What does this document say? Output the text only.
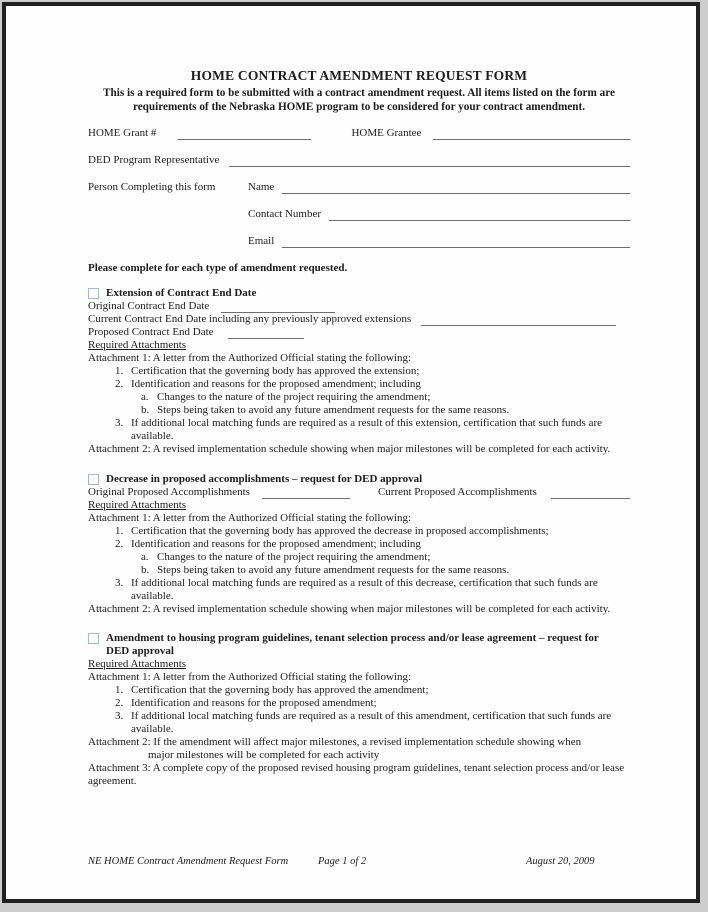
HOME CONTRACT AMENDMENT REQUEST FORM
This is a required form to be submitted with a contract amendment request. All items listed on the form are
requirements of the Nebraska HOME program to be considered for your contract amendment.
HOME Grant #	HOME Grantee
DED Program Representative
Person Completing this form	Name
Contact Number
Email
Please complete for each type of amendment requested.
Extension of Contract End Date
Original Contract End Date
Current Contract End Date including any previously approved extensions
Proposed Contract End Date
Required Attachments
Attachment 1: A letter from the Authorized Official stating the following:
1. Certification that the governing body has approved the extension;
2. Identification and reasons for the proposed amendment; including
a. Changes to the nature of the project requiring the amendment;
b. Steps being taken to avoid any future amendment requests for the same reasons.
3. If additional local matching funds are required as a result of this extension, certification that such funds are available.
Attachment 2: A revised implementation schedule showing when major milestones will be completed for each activity.
Decrease in proposed accomplishments – request for DED approval
Original Proposed Accomplishments	Current Proposed Accomplishments
Required Attachments
Attachment 1: A letter from the Authorized Official stating the following:
1. Certification that the governing body has approved the decrease in proposed accomplishments;
2. Identification and reasons for the proposed amendment; including
a. Changes to the nature of the project requiring the amendment;
b. Steps being taken to avoid any future amendment requests for the same reasons.
3. If additional local matching funds are required as a result of this decrease, certification that such funds are available.
Attachment 2: A revised implementation schedule showing when major milestones will be completed for each activity.
Amendment to housing program guidelines, tenant selection process and/or lease agreement – request for
DED approval
Required Attachments
Attachment 1: A letter from the Authorized Official stating the following:
1. Certification that the governing body has approved the amendment;
2. Identification and reasons for the proposed amendment;
3. If additional local matching funds are required as a result of this amendment, certification that such funds are available.
Attachment 2: If the amendment will affect major milestones, a revised implementation schedule showing when
major milestones will be completed for each activity
Attachment 3: A complete copy of the proposed revised housing program guidelines, tenant selection process and/or lease agreement.
NE HOME Contract Amendment Request Form	Page 1 of 2	August 20, 2009
